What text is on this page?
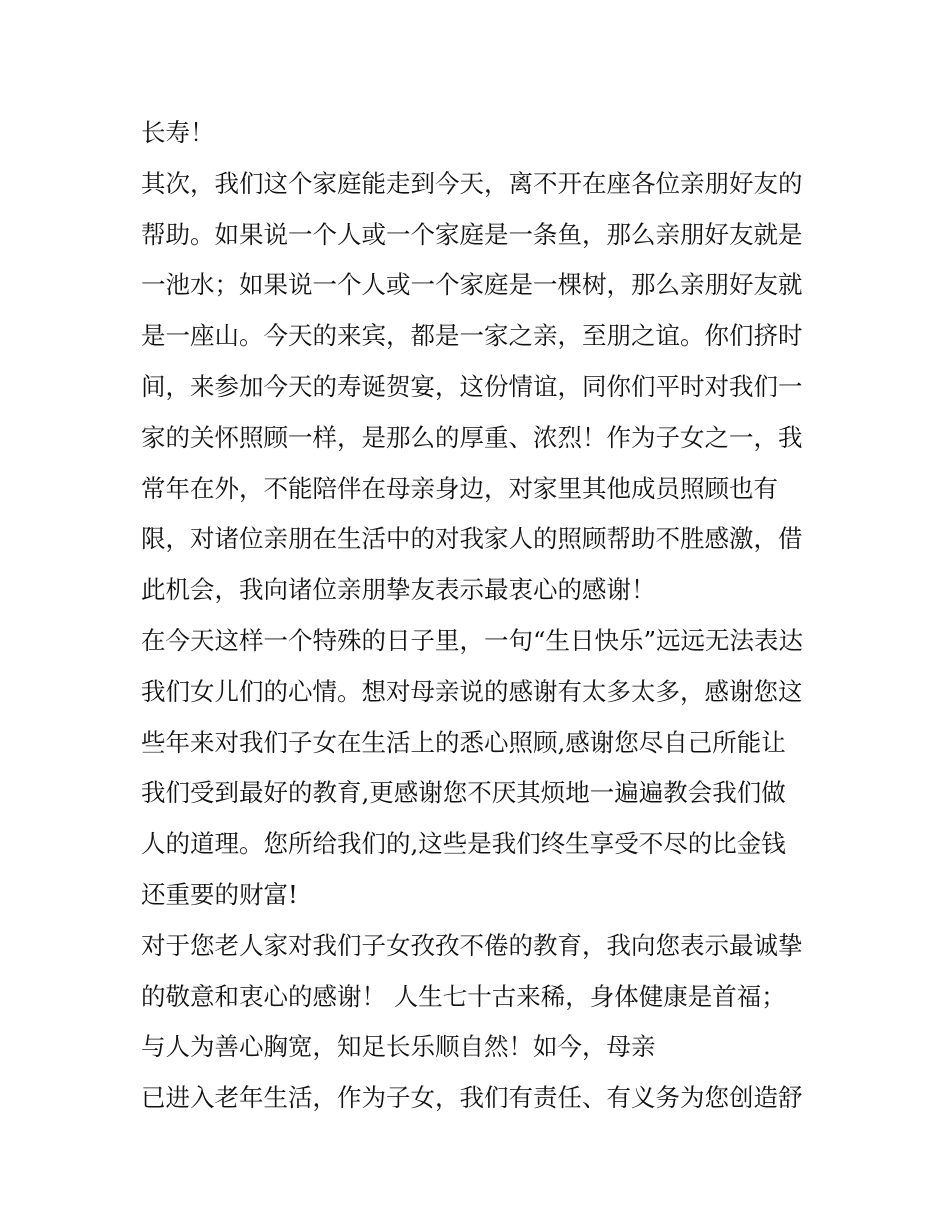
长寿！
其次，我们这个家庭能走到今天，离不开在座各位亲朋好友的
帮助。如果说一个人或一个家庭是一条鱼，那么亲朋好友就是
一池水；如果说一个人或一个家庭是一棵树，那么亲朋好友就
是一座山。今天的来宾，都是一家之亲，至朋之谊。你们挤时
间，来参加今天的寿诞贺宴，这份情谊，同你们平时对我们一
家的关怀照顾一样，是那么的厚重、浓烈！作为子女之一，我
常年在外，不能陪伴在母亲身边，对家里其他成员照顾也有
限，对诸位亲朋在生活中的对我家人的照顾帮助不胜感激，借
此机会，我向诸位亲朋挚友表示最衷心的感谢！
在今天这样一个特殊的日子里，一句“生日快乐”远远无法表达
我们女儿们的心情。想对母亲说的感谢有太多太多，感谢您这
些年来对我们子女在生活上的悉心照顾,感谢您尽自己所能让
我们受到最好的教育,更感谢您不厌其烦地一遍遍教会我们做
人的道理。您所给我们的,这些是我们终生享受不尽的比金钱
还重要的财富!
对于您老人家对我们子女孜孜不倦的教育，我向您表示最诚挚
的敬意和衷心的感谢！ 人生七十古来稀，身体健康是首福；
与人为善心胸宽，知足长乐顺自然！如今，母亲
已进入老年生活，作为子女，我们有责任、有义务为您创造舒
